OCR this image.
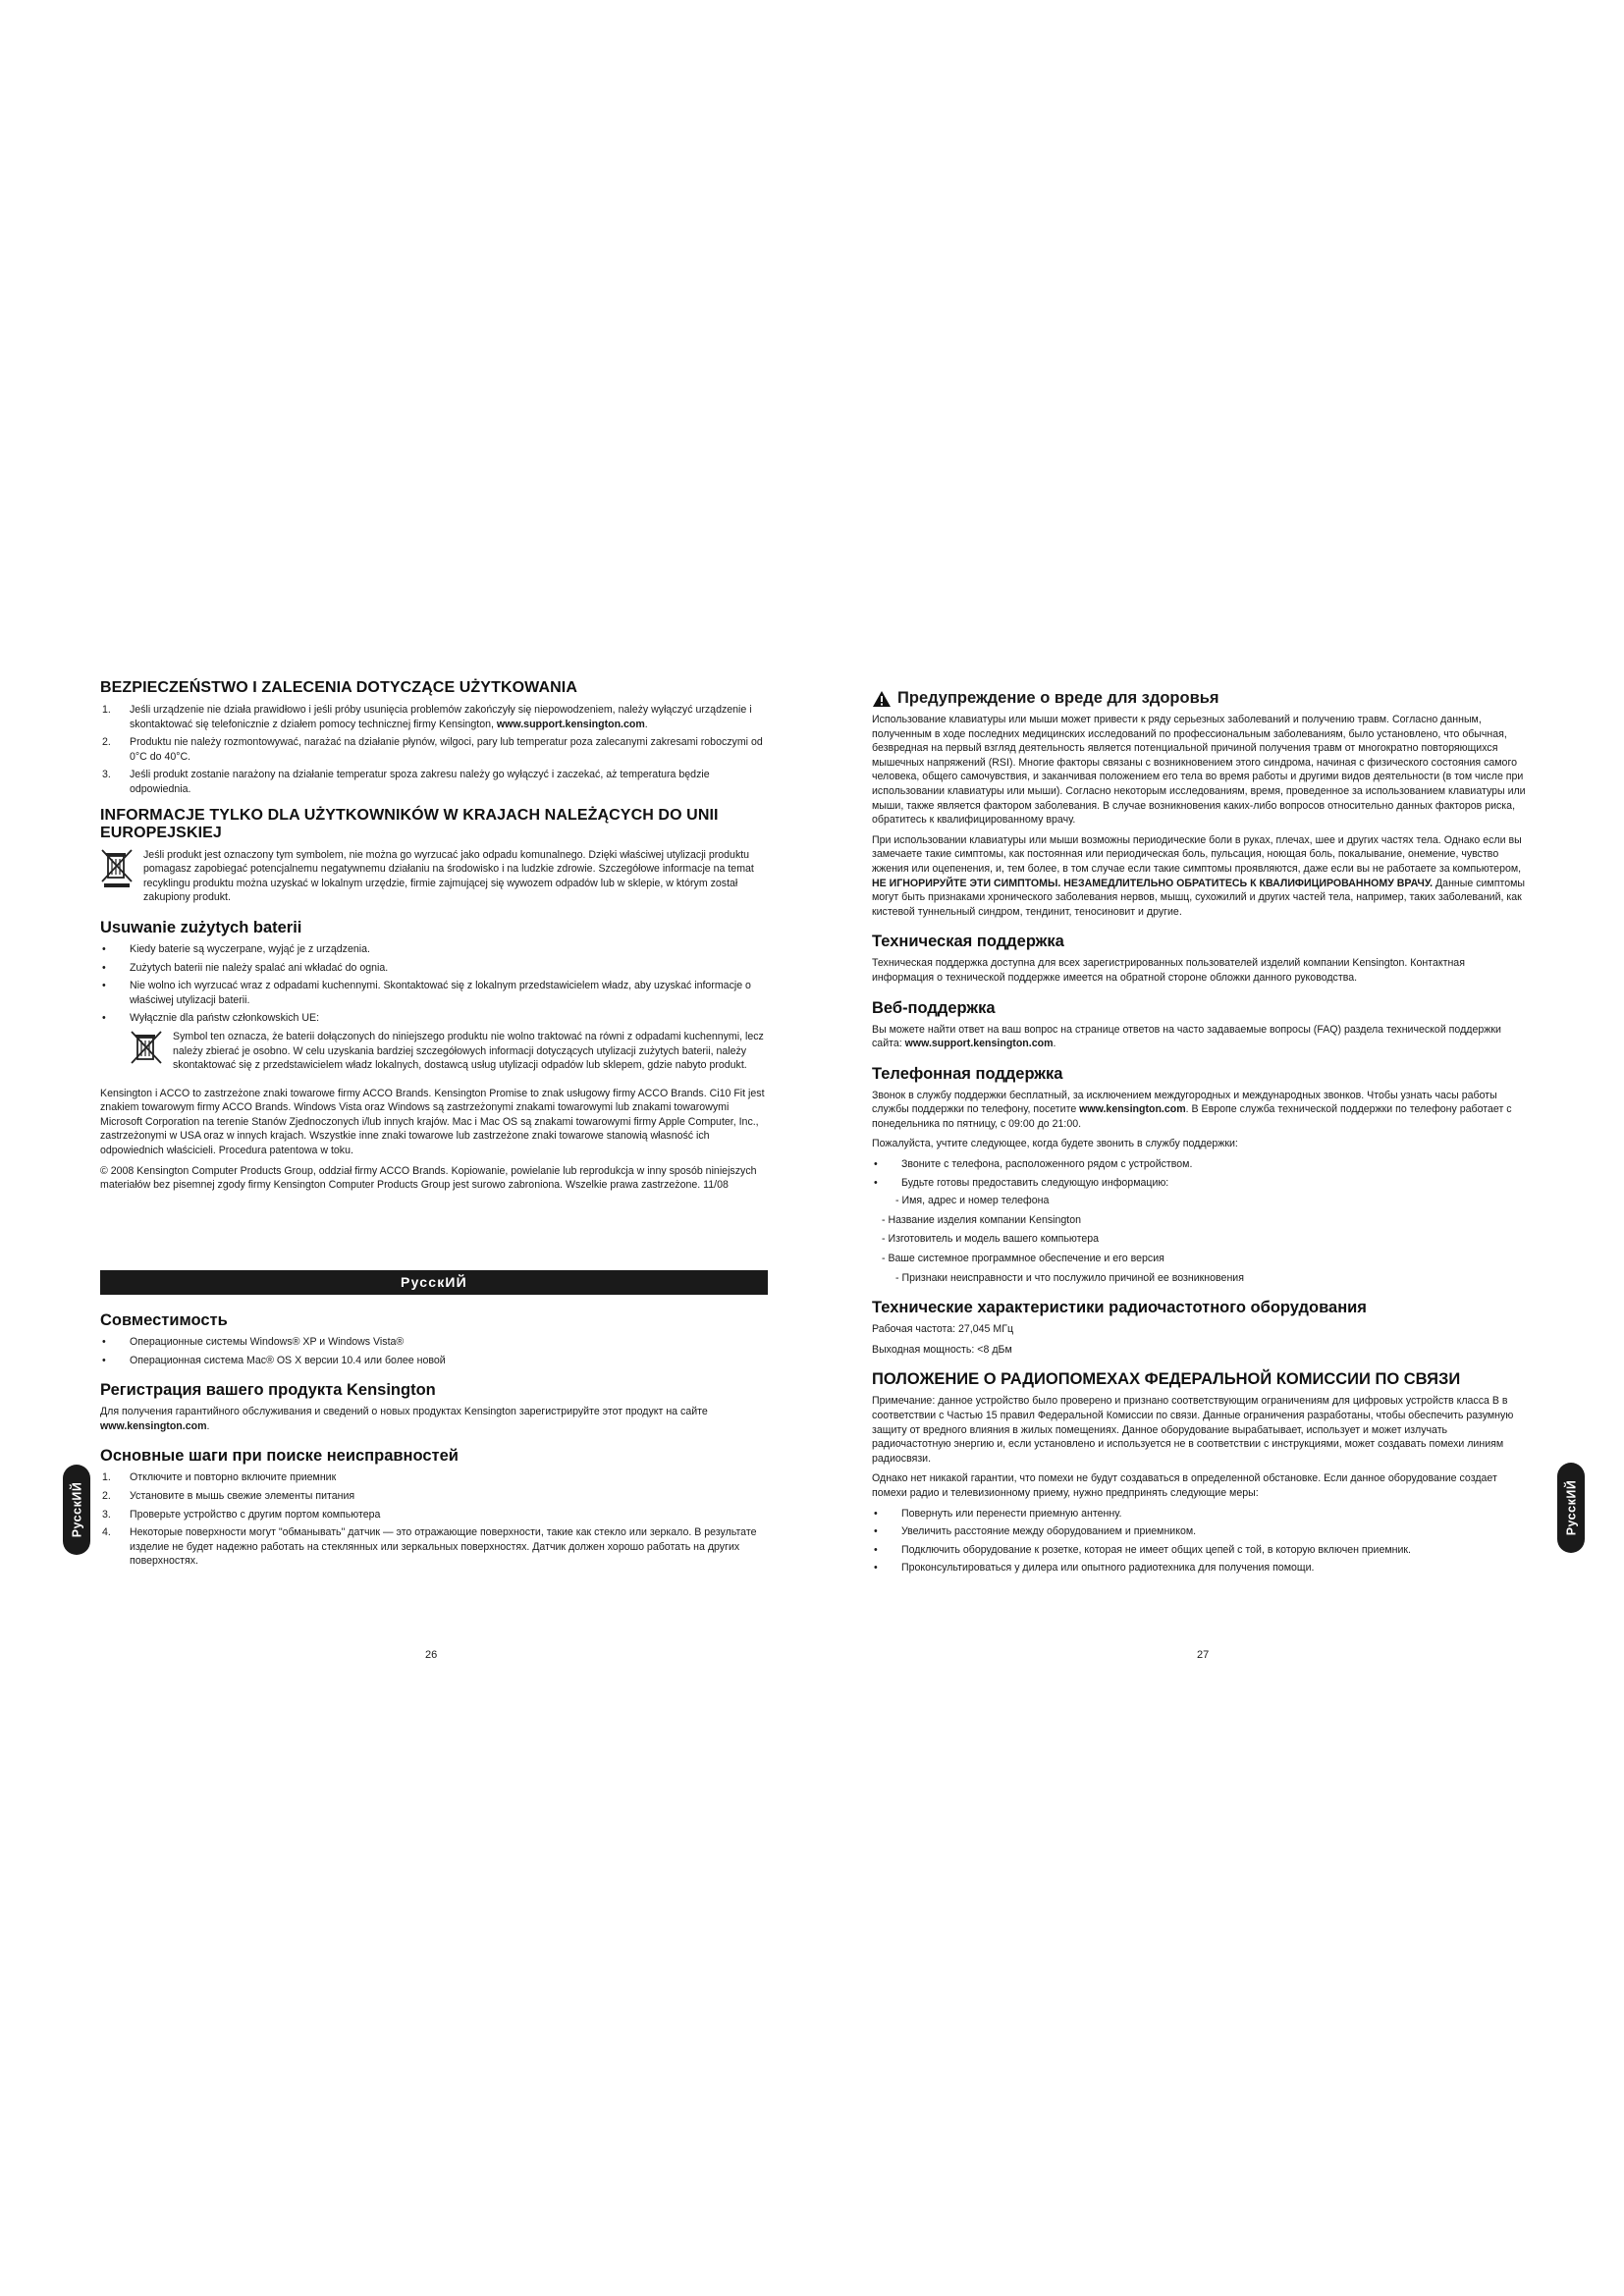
BEZPIECZEŃSTWO I ZALECENIA DOTYCZĄCE UŻYTKOWANIA
1. Jeśli urządzenie nie działa prawidłowo i jeśli próby usunięcia problemów zakończyły się niepowodzeniem, należy wyłączyć urządzenie i skontaktować się telefonicznie z działem pomocy technicznej firmy Kensington, www.support.kensington.com.
2. Produktu nie należy rozmontowywać, narażać na działanie płynów, wilgoci, pary lub temperatur poza zalecanymi zakresami roboczymi od 0°C do 40°C.
3. Jeśli produkt zostanie narażony na działanie temperatur spoza zakresu należy go wyłączyć i zaczekać, aż temperatura będzie odpowiednia.
INFORMACJE TYLKO DLA UŻYTKOWNIKÓW W KRAJACH NALEŻĄCYCH DO UNII EUROPEJSKIEJ
Jeśli produkt jest oznaczony tym symbolem, nie można go wyrzucać jako odpadu komunalnego. Dzięki właściwej utylizacji produktu pomagasz zapobiegać potencjalnemu negatywnemu działaniu na środowisko i na ludzkie zdrowie. Szczegółowe informacje na temat recyklingu produktu można uzyskać w lokalnym urzędzie, firmie zajmującej się wywozem odpadów lub w sklepie, w którym został zakupiony produkt.
Usuwanie zużytych baterii
• Kiedy baterie są wyczerpane, wyjąć je z urządzenia.
• Zużytych baterii nie należy spalać ani wkładać do ognia.
• Nie wolno ich wyrzucać wraz z odpadami kuchennymi. Skontaktować się z lokalnym przedstawicielem władz, aby uzyskać informacje o właściwej utylizacji baterii.
• Wyłącznie dla państw członkowskich UE:
Symbol ten oznacza, że baterii dołączonych do niniejszego produktu nie wolno traktować na równi z odpadami kuchennymi, lecz należy zbierać je osobno. W celu uzyskania bardziej szczegółowych informacji dotyczących utylizacji zużytych baterii, należy skontaktować się z przedstawicielem władz lokalnych, dostawcą usług utylizacji odpadów lub sklepem, gdzie nabyto produkt.

Kensington i ACCO to zastrzeżone znaki towarowe firmy ACCO Brands. Kensington Promise to znak usługowy firmy ACCO Brands. Ci10 Fit jest znakiem towarowym firmy ACCO Brands. Windows Vista oraz Windows są zastrzeżonymi znakami towarowymi lub znakami towarowymi Microsoft Corporation na terenie Stanów Zjednoczonych i/lub innych krajów. Mac i Mac OS są znakami towarowymi firmy Apple Computer, Inc., zastrzeżonymi w USA oraz w innych krajach. Wszystkie inne znaki towarowe lub zastrzeżone znaki towarowe stanowią własność ich odpowiednich właścicieli. Procedura patentowa w toku.

© 2008 Kensington Computer Products Group, oddział firmy ACCO Brands. Kopiowanie, powielanie lub reprodukcja w inny sposób niniejszych materiałów bez pisemnej zgody firmy Kensington Computer Products Group jest surowo zabroniona. Wszelkie prawa zastrzeżone. 11/08

РусскИЙ
Совместимость
• Операционные системы Windows® XP и Windows Vista®
• Операционная система Mac® OS X версии 10.4 или более новой
Регистрация вашего продукта Kensington

Для получения гарантийного обслуживания и сведений о новых продуктах Kensington зарегистрируйте этот продукт на сайте www.kensington.com.

Основные шаги при поиске неисправностей
1. Отключите и повторно включите приемник
2. Установите в мышь свежие элементы питания
3. Проверьте устройство с другим портом компьютера
4. Некоторые поверхности могут "обманывать" датчик — это отражающие поверхности, такие как стекло или зеркало. В результате изделие не будет надежно работать на стеклянных или зеркальных поверхностях. Датчик должен хорошо работать на других поверхностях.
РусскИЙ
26
Предупреждение о вреде для здоровья

Использование клавиатуры или мыши может привести к ряду серьезных заболеваний и получению травм. Согласно данным, полученным в ходе последних медицинских исследований по профессиональным заболеваниям, было установлено, что обычная, безвредная на первый взгляд деятельность является потенциальной причиной получения травм от многократно повторяющихся мышечных напряжений (RSI). Многие факторы связаны с возникновением этого синдрома, начиная с физического состояния самого человека, общего самочувствия, и заканчивая положением его тела во время работы и другими видов деятельности (в том числе при использовании клавиатуры или мыши). Согласно некоторым исследованиям, время, проведенное за использованием клавиатуры или мыши, также является фактором заболевания. В случае возникновения каких-либо вопросов относительно данных факторов риска, обратитесь к квалифицированному врачу.

При использовании клавиатуры или мыши возможны периодические боли в руках, плечах, шее и других частях тела. Однако если вы замечаете такие симптомы, как постоянная или периодическая боль, пульсация, ноющая боль, покалывание, онемение, чувство жжения или оцепенения, и, тем более, в том случае если такие симптомы проявляются, даже если вы не работаете за компьютером, НЕ ИГНОРИРУЙТЕ ЭТИ СИМПТОМЫ. НЕЗАМЕДЛИТЕЛЬНО ОБРАТИТЕСЬ К КВАЛИФИЦИРОВАННОМУ ВРАЧУ. Данные симптомы могут быть признаками хронического заболевания нервов, мышц, сухожилий и других частей тела, например, таких заболеваний, как кистевой туннельный синдром, тендинит, теносиновит и другие.

Техническая поддержка

Техническая поддержка доступна для всех зарегистрированных пользователей изделий компании Kensington. Контактная информация о технической поддержке имеется на обратной стороне обложки данного руководства.

Веб-поддержка

Вы можете найти ответ на ваш вопрос на странице ответов на часто задаваемые вопросы (FAQ) раздела технической поддержки сайта: www.support.kensington.com.

Телефонная поддержка

Звонок в службу поддержки бесплатный, за исключением междугородных и международных звонков. Чтобы узнать часы работы службы поддержки по телефону, посетите www.kensington.com. В Европе служба технической поддержки по телефону работает с понедельника по пятницу, с 09:00 до 21:00.

Пожалуйста, учтите следующее, когда будете звонить в службу поддержки:

• Звоните с телефона, расположенного рядом с устройством.
• Будьте готовы предоставить следующую информацию:
- Имя, адрес и номер телефона
- Название изделия компании Kensington
- Изготовитель и модель вашего компьютера
- Ваше системное программное обеспечение и его версия
- Признаки неисправности и что послужило причиной ее возникновения
Технические характеристики радиочастотного оборудования

Рабочая частота: 27,045 МГц

Выходная мощность: <8 дБм

ПОЛОЖЕНИЕ О РАДИОПОМЕХАХ ФЕДЕРАЛЬНОЙ КОМИССИИ ПО СВЯЗИ

Примечание: данное устройство было проверено и признано соответствующим ограничениям для цифровых устройств класса B в соответствии с Частью 15 правил Федеральной Комиссии по связи. Данные ограничения разработаны, чтобы обеспечить разумную защиту от вредного влияния в жилых помещениях. Данное оборудование вырабатывает, использует и может излучать радиочастотную энергию и, если установлено и используется не в соответствии с инструкциями, может создавать помехи линиям радиосвязи.

Однако нет никакой гарантии, что помехи не будут создаваться в определенной обстановке. Если данное оборудование создает помехи радио и телевизионному приему, нужно предпринять следующие меры:

• Повернуть или перенести приемную антенну.
• Увеличить расстояние между оборудованием и приемником.
• Подключить оборудование к розетке, которая не имеет общих цепей с той, в которую включен приемник.
• Проконсультироваться у дилера или опытного радиотехника для получения помощи.
РусскИЙ
27
